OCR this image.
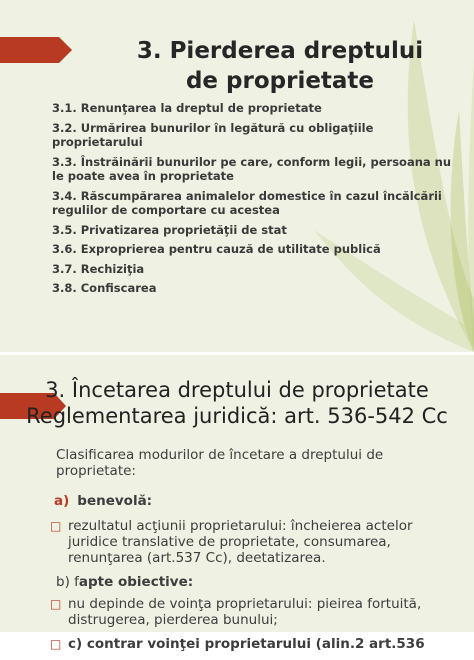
3. Pierderea dreptului
de proprietate
3.1. Renunţarea la dreptul de proprietate
3.2. Urmărirea bunurilor în legătură cu obligaţiile proprietarului
3.3. Înstrăinării bunurilor pe care, conform legii, persoana nu le poate avea în proprietate
3.4. Răscumpărarea animalelor domestice în cazul încălcării regulilor de comportare cu acestea
3.5. Privatizarea proprietăţii de stat
3.6. Exproprierea pentru cauză de utilitate publică
3.7. Rechiziţia
3.8. Confiscarea
3. Încetarea dreptului de proprietate
Reglementarea juridică: art. 536-542 Cc
Clasificarea modurilor de încetare a dreptului de proprietate:
a) benevolă:
□ rezultatul acţiunii proprietarului: încheierea actelor juridice translative de proprietate, consumarea, renunţarea (art.537 Cc), deetatizarea.
b) fapte obiective:
□ nu depinde de voinţa proprietarului: pieirea fortuită, distrugerea, pierderea bunului;
□ c) contrar voinţei proprietarului (alin.2 art.536
